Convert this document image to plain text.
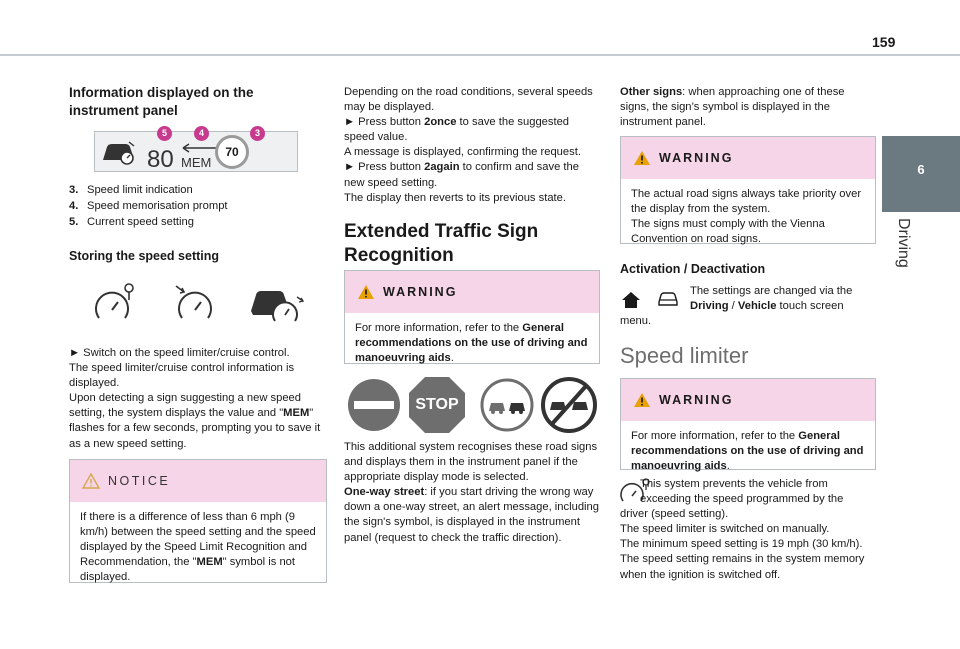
159
6
Driving
Information displayed on the instrument panel
80 MEM
70
5	4	3
3. Speed limit indication
4. Speed memorisation prompt
5. Current speed setting
Storing the speed setting

► Switch on the speed limiter/cruise control.

The speed limiter/cruise control information is displayed.

Upon detecting a sign suggesting a new speed setting, the system displays the value and "MEM" flashes for a few seconds, prompting you to save it as a new speed setting.

NOTICE

If there is a difference of less than 6 mph (9 km/h) between the speed setting and the speed displayed by the Speed Limit Recognition and Recommendation, the "MEM" symbol is not displayed.

Depending on the road conditions, several speeds may be displayed.

► Press button 2once to save the suggested speed value.

A message is displayed, confirming the request.

► Press button 2again to confirm and save the new speed setting.

The display then reverts to its previous state.

Extended Traffic Sign Recognition
WARNING

For more information, refer to the General recommendations on the use of driving and manoeuvring aids.

STOP

This additional system recognises these road signs and displays them in the instrument panel if the appropriate display mode is selected.

One-way street: if you start driving the wrong way down a one-way street, an alert message, including the sign's symbol, is displayed in the instrument panel (request to check the traffic direction).

Other signs: when approaching one of these signs, the sign’s symbol is displayed in the instrument panel.

WARNING

The actual road signs always take priority over the display from the system.
The signs must comply with the Vienna Convention on road signs.

Activation / Deactivation

The settings are changed via the Driving / Vehicle touch screen

menu.

Speed limiter
WARNING

For more information, refer to the General recommendations on the use of driving and manoeuvring aids.

This system prevents the vehicle from

exceeding the speed programmed by the

driver (speed setting).

The speed limiter is switched on manually.

The minimum speed setting is 19 mph (30 km/h).

The speed setting remains in the system memory when the ignition is switched off.
